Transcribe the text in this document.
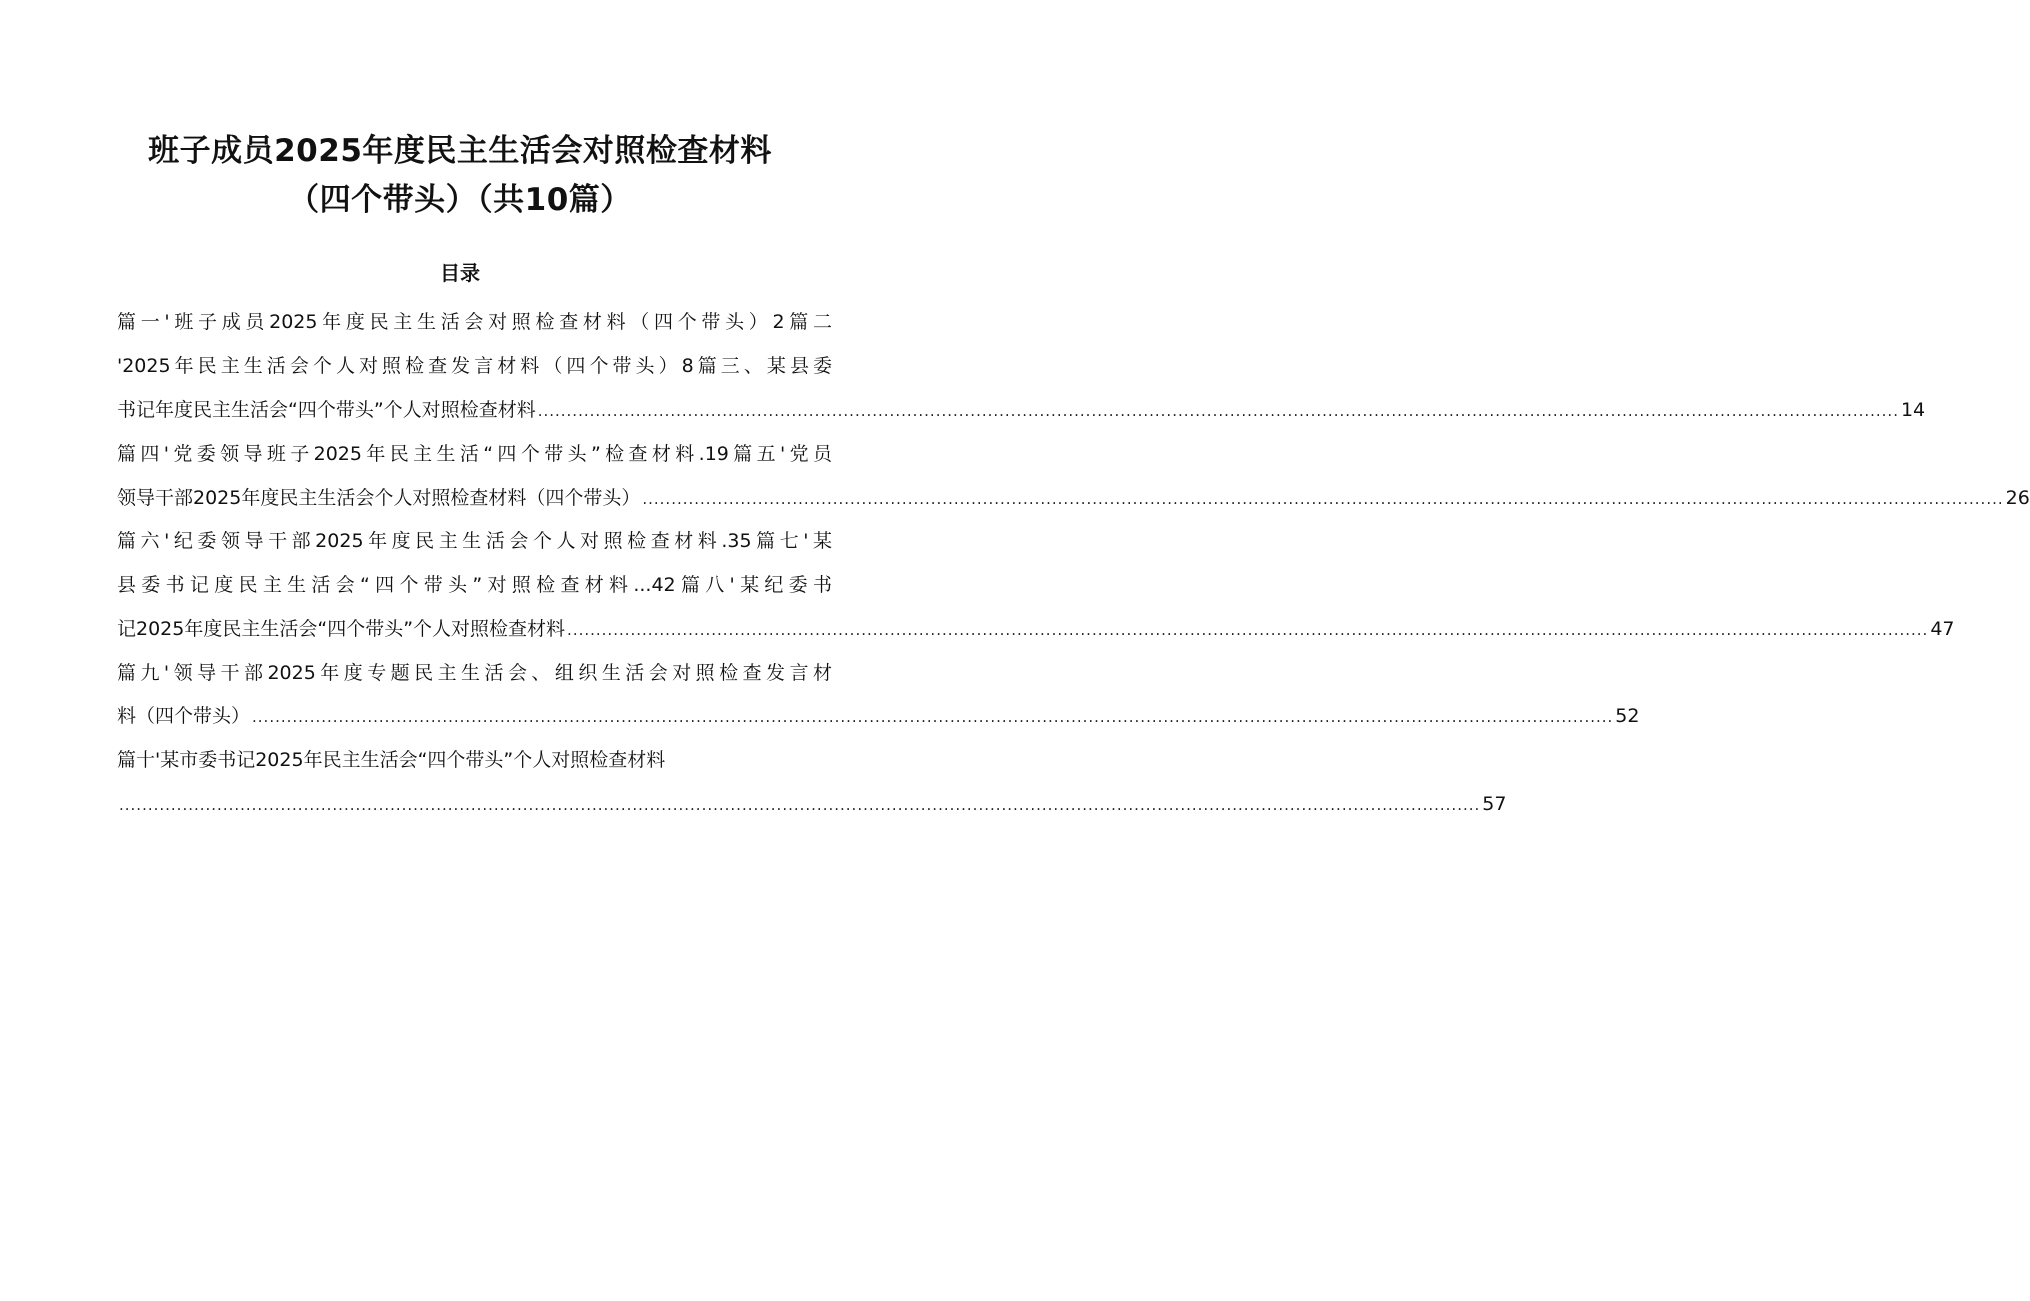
班子成员2025年度民主生活会对照检查材料
（四个带头）（共10篇）
目录
篇一'班子成员2025年度民主生活会对照检查材料（四个带头）2篇二
'2025年民主生活会个人对照检查发言材料（四个带头）8篇三、某县委
书记年度民主生活会“四个带头”个人对照检查材料 ............................................................................................................................................................................................................................................ 14
篇四'党委领导班子2025年民主生活“四个带头”检查材料.19篇五'党员
领导干部2025年度民主生活会个人对照检查材料（四个带头） ............................................................................................................................................................................................................................................ 26
篇六'纪委领导干部2025年度民主生活会个人对照检查材料.35篇七'某
县委书记度民主生活会“四个带头”对照检查材料...42篇八'某纪委书
记2025年度民主生活会“四个带头”个人对照检查材料 ............................................................................................................................................................................................................................................ 47
篇九'领导干部2025年度专题民主生活会、组织生活会对照检查发言材
料（四个带头） ............................................................................................................................................................................................................................................ 52
篇十'某市委书记2025年民主生活会“四个带头”个人对照检查材料
............................................................................................................................................................................................................................................ 57
